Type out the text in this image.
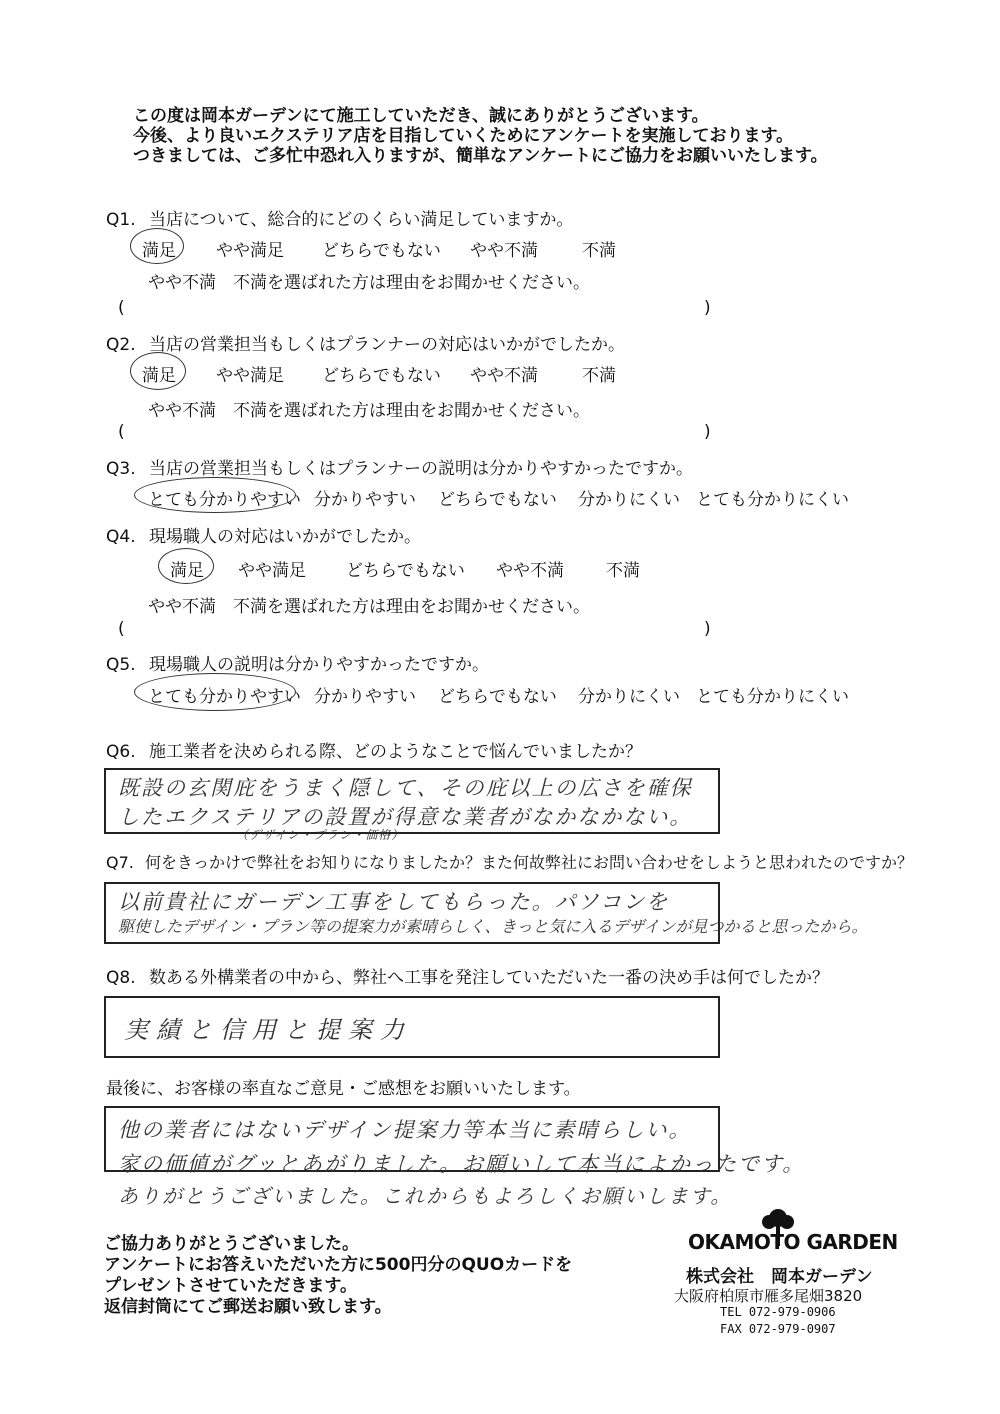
この度は岡本ガーデンにて施工していただき、誠にありがとうございます。
今後、より良いエクステリア店を目指していくためにアンケートを実施しております。
つきましては、ご多忙中恐れ入りますが、簡単なアンケートにご協力をお願いいたします。
Q1. 当店について、総合的にどのくらい満足していますか。
満足 やや満足 どちらでもない やや不満	不満
やや不満　不満を選ばれた方は理由をお聞かせください。
(	)
Q2. 当店の営業担当もしくはプランナーの対応はいかがでしたか。
満足 やや満足 どちらでもない やや不満	不満
やや不満　不満を選ばれた方は理由をお聞かせください。
(	)
Q3. 当店の営業担当もしくはプランナーの説明は分かりやすかったですか。
とても分かりやすい 分かりやすい どちらでもない 分かりにくい とても分かりにくい
Q4. 現場職人の対応はいかがでしたか。
満足 やや満足 どちらでもない やや不満 不満
やや不満　不満を選ばれた方は理由をお聞かせください。
(	)
Q5. 現場職人の説明は分かりやすかったですか。
とても分かりやすい 分かりやすい どちらでもない 分かりにくい とても分かりにくい
Q6. 施工業者を決められる際、どのようなことで悩んでいましたか？
既設の玄関庇をうまく隠して、その庇以上の広さを確保
したエクステリアの設置が得意な業者がなかなかない。
（デザイン・プラン・価格）
Q7. 何をきっかけで弊社をお知りになりましたか？また何故弊社にお問い合わせをしようと思われたのですか？
以前貴社にガーデン工事をしてもらった。パソコンを
駆使したデザイン・プラン等の提案力が素晴らしく、きっと気に入るデザインが見つかると思ったから。
Q8. 数ある外構業者の中から、弊社へ工事を発注していただいた一番の決め手は何でしたか？
実績と信用と提案力
最後に、お客様の率直なご意見・ご感想をお願いいたします。
他の業者にはないデザイン提案力等本当に素晴らしい。
家の価値がグッとあがりました。お願いして本当によかったです。
ありがとうございました。これからもよろしくお願いします。
ご協力ありがとうございました。
アンケートにお答えいただいた方に500円分のQUOカードを
プレゼントさせていただきます。
返信封筒にてご郵送お願い致します。
OKAMOTO GARDEN
株式会社　岡本ガーデン
大阪府柏原市雁多尾畑3820
TEL 072-979-0906
FAX 072-979-0907
